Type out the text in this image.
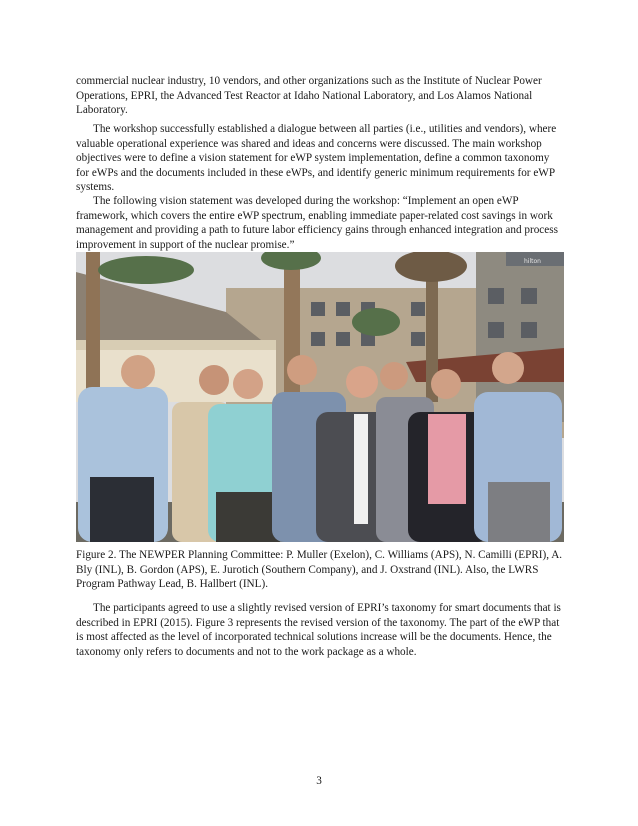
commercial nuclear industry, 10 vendors, and other organizations such as the Institute of Nuclear Power Operations, EPRI, the Advanced Test Reactor at Idaho National Laboratory, and Los Alamos National Laboratory.

The workshop successfully established a dialogue between all parties (i.e., utilities and vendors), where valuable operational experience was shared and ideas and concerns were discussed. The main workshop objectives were to define a vision statement for eWP system implementation, define a common taxonomy for eWPs and the documents included in these eWPs, and identify generic minimum requirements for eWP systems.

The following vision statement was developed during the workshop: “Implement an open eWP framework, which covers the entire eWP spectrum, enabling immediate paper-related cost savings in work management and providing a path to future labor efficiency gains through enhanced integration and process improvement in support of the nuclear promise.”

hilton

Figure 2. The NEWPER Planning Committee: P. Muller (Exelon), C. Williams (APS), N. Camilli (EPRI), A. Bly (INL), B. Gordon (APS), E. Jurotich (Southern Company), and J. Oxstrand (INL). Also, the LWRS Program Pathway Lead, B. Hallbert (INL).

The participants agreed to use a slightly revised version of EPRI’s taxonomy for smart documents that is described in EPRI (2015). Figure 3 represents the revised version of the taxonomy. The part of the eWP that is most affected as the level of incorporated technical solutions increase will be the documents. Hence, the taxonomy only refers to documents and not to the work package as a whole.

3
